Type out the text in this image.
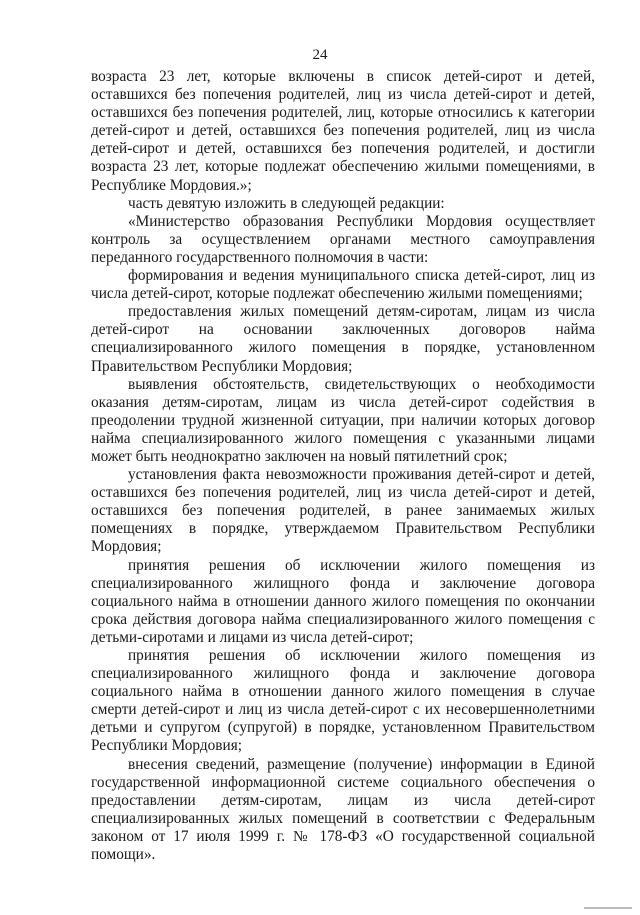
24

возраста 23 лет, которые включены в список детей-сирот и детей, оставшихся без попечения родителей, лиц из числа детей-сирот и детей, оставшихся без попечения родителей, лиц, которые относились к категории детей-сирот и детей, оставшихся без попечения родителей, лиц из числа детей-сирот и детей, оставшихся без попечения родителей, и достигли возраста 23 лет, которые подлежат обеспечению жилыми помещениями, в Республике Мордовия.»;

часть девятую изложить в следующей редакции:

«Министерство образования Республики Мордовия осуществляет контроль за осуществлением органами местного самоуправления переданного государственного полномочия в части:

формирования и ведения муниципального списка детей-сирот, лиц из числа детей-сирот, которые подлежат обеспечению жилыми помещениями;

предоставления жилых помещений детям-сиротам, лицам из числа детей-сирот на основании заключенных договоров найма специализированного жилого помещения в порядке, установленном Правительством Республики Мордовия;

выявления обстоятельств, свидетельствующих о необходимости оказания детям-сиротам, лицам из числа детей-сирот содействия в преодолении трудной жизненной ситуации, при наличии которых договор найма специализированного жилого помещения с указанными лицами может быть неоднократно заключен на новый пятилетний срок;

установления факта невозможности проживания детей-сирот и детей, оставшихся без попечения родителей, лиц из числа детей-сирот и детей, оставшихся без попечения родителей, в ранее занимаемых жилых помещениях в порядке, утверждаемом Правительством Республики Мордовия;

принятия решения об исключении жилого помещения из специализированного жилищного фонда и заключение договора социального найма в отношении данного жилого помещения по окончании срока действия договора найма специализированного жилого помещения с детьми-сиротами и лицами из числа детей-сирот;

принятия решения об исключении жилого помещения из специализированного жилищного фонда и заключение договора социального найма в отношении данного жилого помещения в случае смерти детей-сирот и лиц из числа детей-сирот с их несовершеннолетними детьми и супругом (супругой) в порядке, установленном Правительством Республики Мордовия;

внесения сведений, размещение (получение) информации в Единой государственной информационной системе социального обеспечения о предоставлении детям-сиротам, лицам из числа детей-сирот специализированных жилых помещений в соответствии с Федеральным законом от 17 июля 1999 г. № 178-ФЗ «О государственной социальной помощи».
